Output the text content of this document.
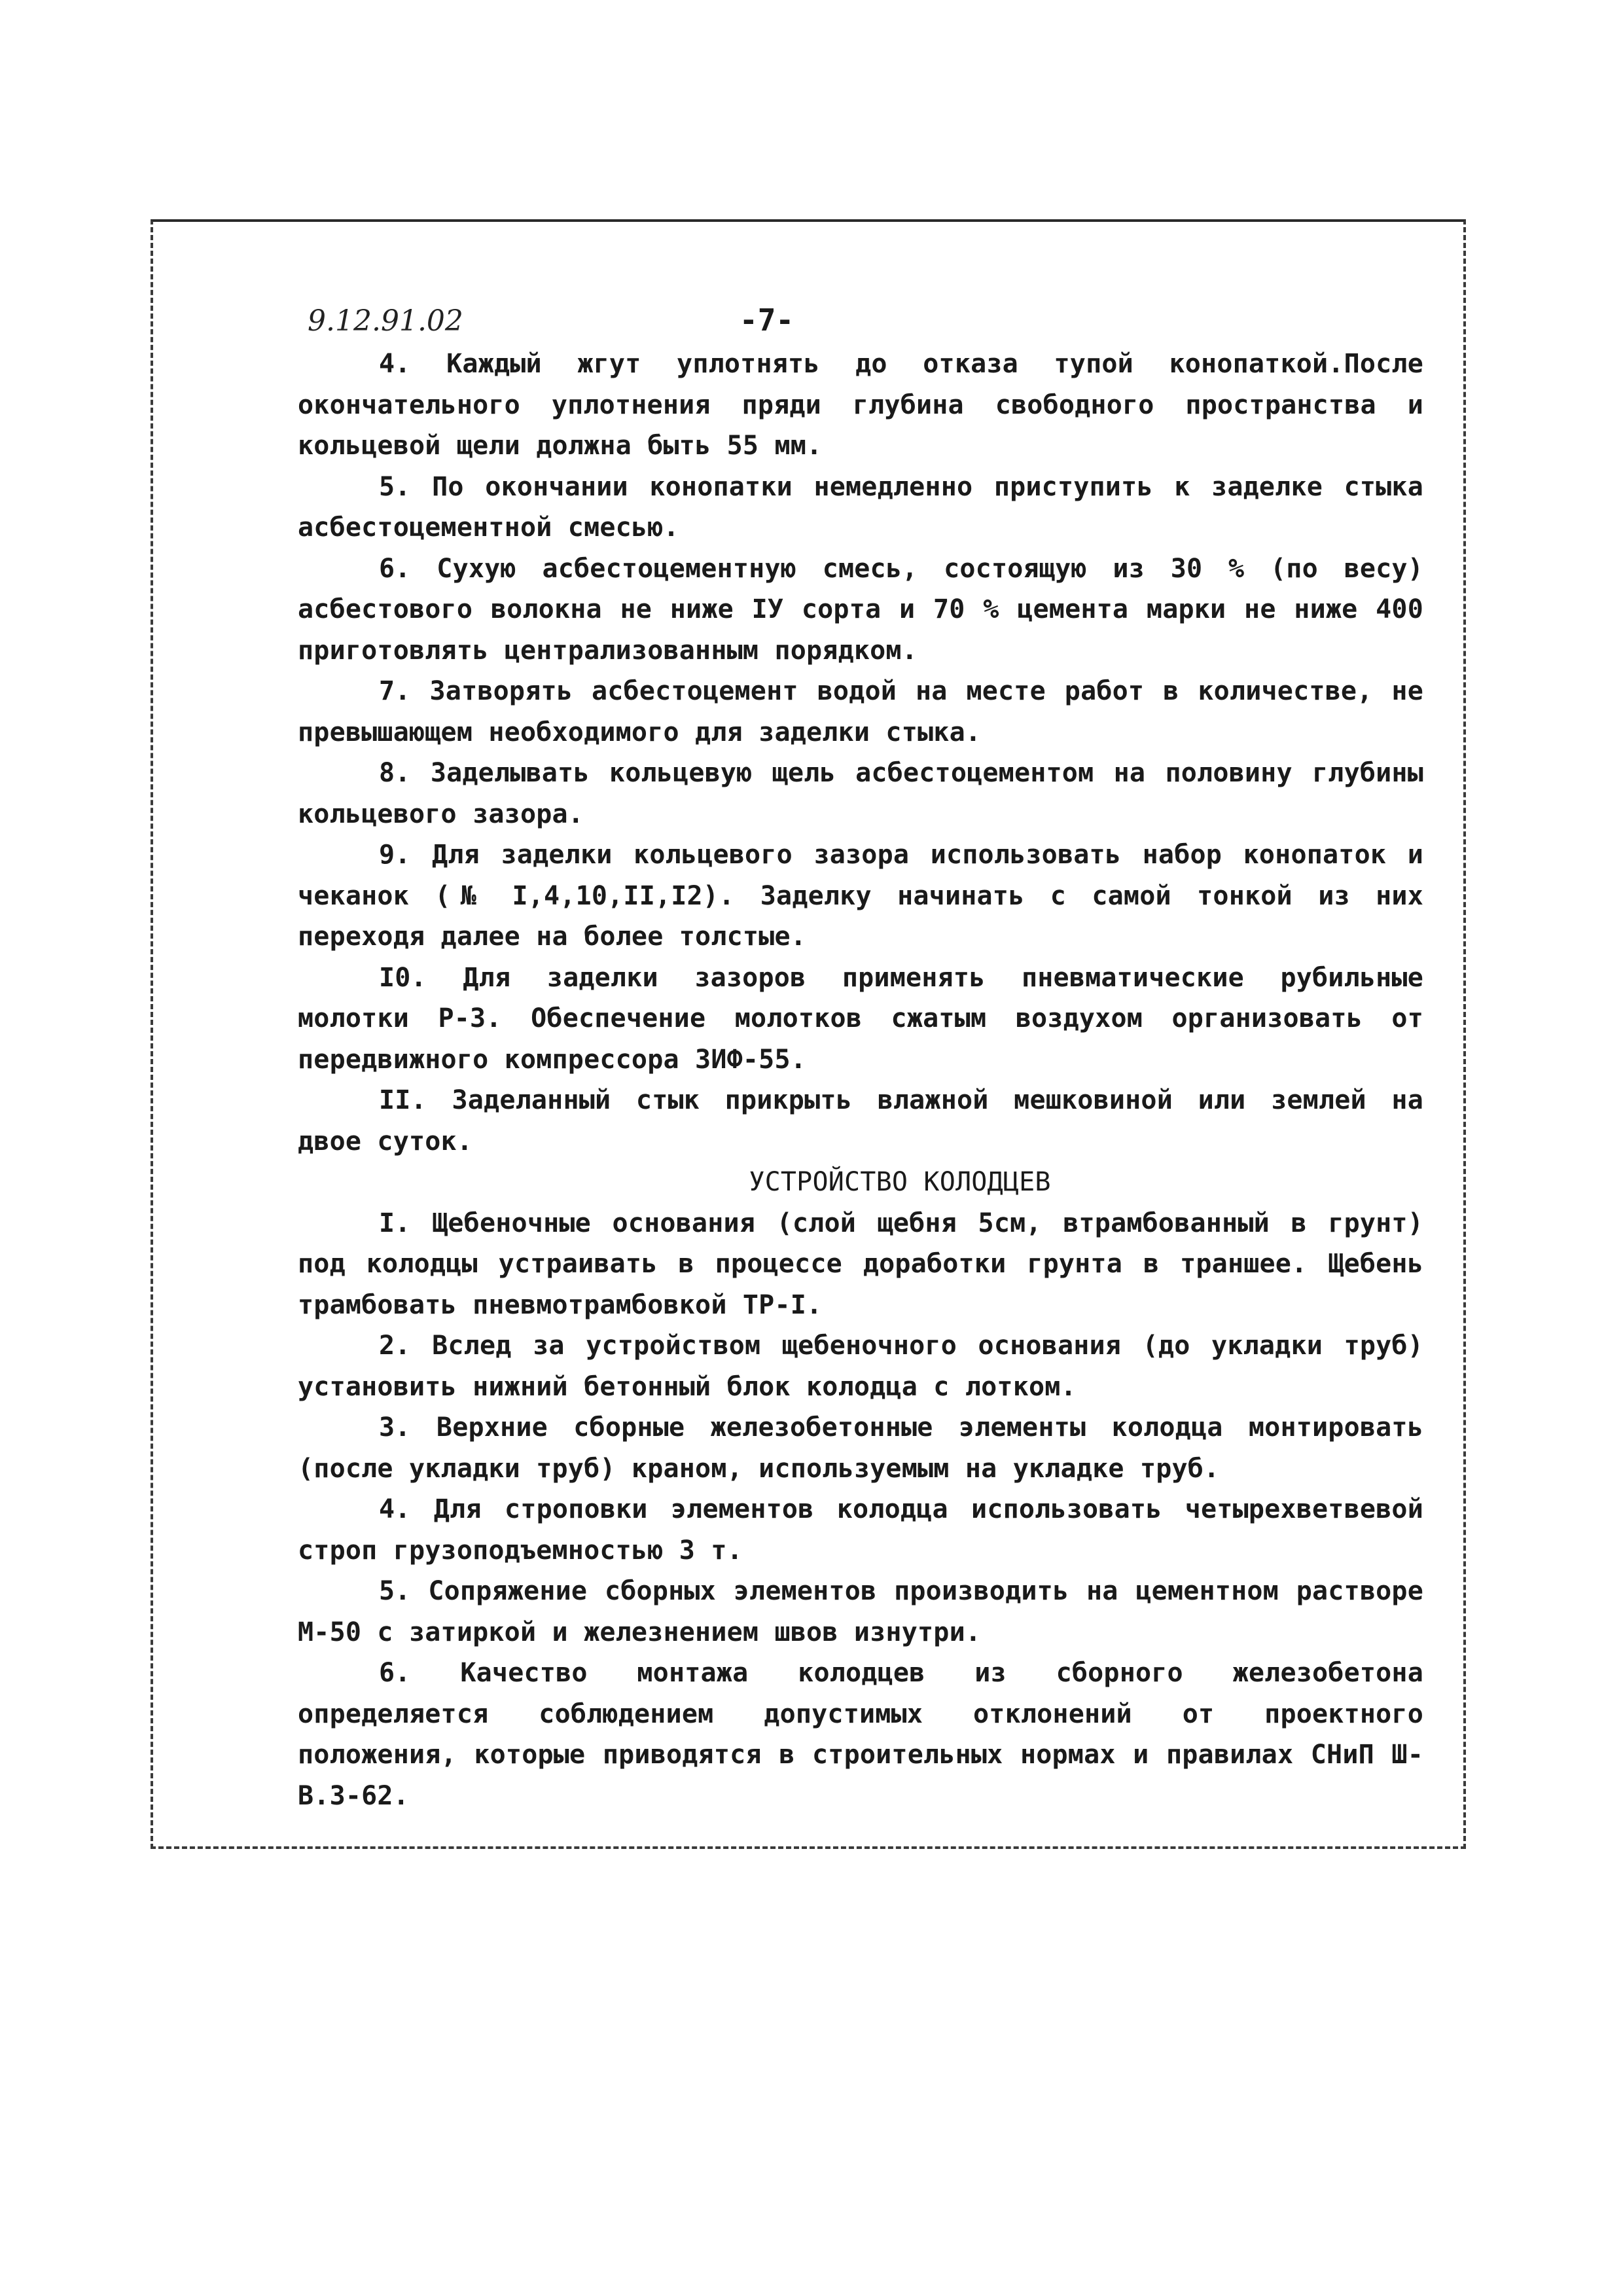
9.12.91.02	-7-

4. Каждый жгут уплотнять до отказа тупой конопаткой.После окончательного уплотнения пряди глубина свободного пространства и кольцевой щели должна быть 55 мм.

5. По окончании конопатки немедленно приступить к заделке стыка асбестоцементной смесью.

6. Сухую асбестоцементную смесь, состоящую из 30 % (по весу) асбестового волокна не ниже IУ сорта и 70 % цемента марки не ниже 400 приготовлять централизованным порядком.

7. Затворять асбестоцемент водой на месте работ в количестве, не превышающем необходимого для заделки стыка.

8. Заделывать кольцевую щель асбестоцементом на половину глубины кольцевого зазора.

9. Для заделки кольцевого зазора использовать набор конопаток и чеканок (№ I,4,10,II,I2). Заделку начинать с самой тонкой из них переходя далее на более толстые.

I0. Для заделки зазоров применять пневматические рубильные молотки Р-3. Обеспечение молотков сжатым воздухом организовать от передвижного компрессора ЗИФ-55.

II. Заделанный стык прикрыть влажной мешковиной или землей на двое суток.

УСТРОЙСТВО КОЛОДЦЕВ

I. Щебеночные основания (слой щебня 5см, втрамбованный в грунт) под колодцы устраивать в процессе доработки грунта в траншее. Щебень трамбовать пневмотрамбовкой ТР-I.

2. Вслед за устройством щебеночного основания (до укладки труб) установить нижний бетонный блок колодца с лотком.

3. Верхние сборные железобетонные элементы колодца монтировать (после укладки труб) краном, используемым на укладке труб.

4. Для строповки элементов колодца использовать четырехветвевой строп грузоподъемностью 3 т.

5. Сопряжение сборных элементов производить на цементном растворе М-50 с затиркой и железнением швов изнутри.

6. Качество монтажа колодцев из сборного железобетона определяется соблюдением допустимых отклонений от проектного положения, которые приводятся в строительных нормах и правилах СНиП Ш-В.3-62.
